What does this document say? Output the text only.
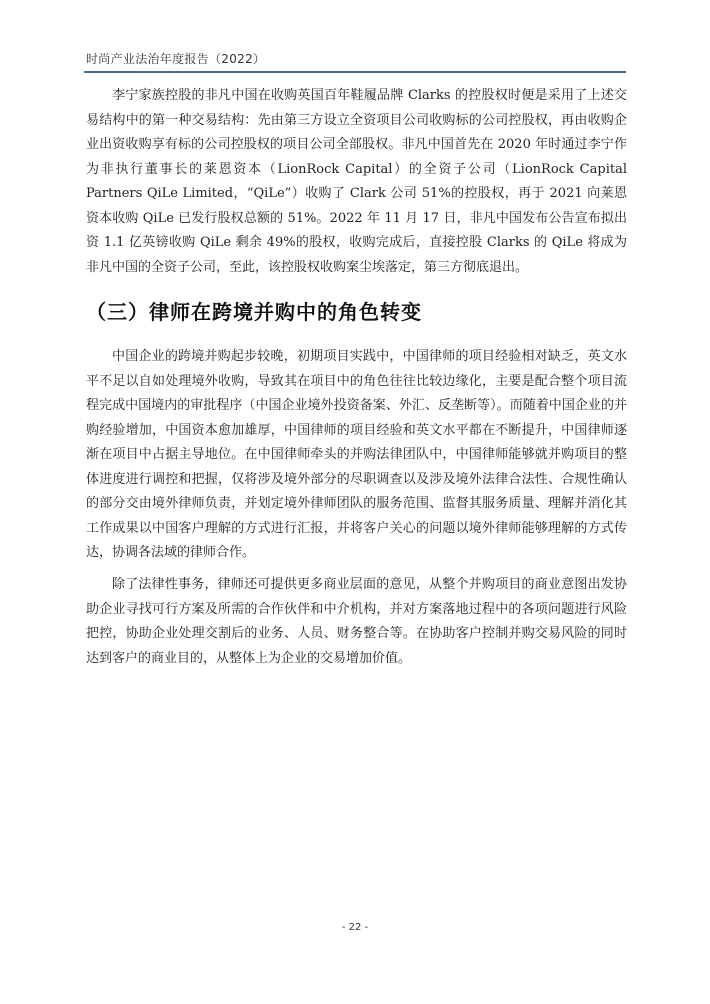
时尚产业法治年度报告（2022）

李宁家族控股的非凡中国在收购英国百年鞋履品牌 Clarks 的控股权时便是采用了上述交易结构中的第一种交易结构：先由第三方设立全资项目公司收购标的公司控股权，再由收购企业出资收购享有标的公司控股权的项目公司全部股权。非凡中国首先在 2020 年时通过李宁作为非执行董事长的莱恩资本（LionRock Capital）的全资子公司（LionRock Capital Partners QiLe Limited，“QiLe”）收购了 Clark 公司 51%的控股权，再于 2021 向莱恩资本收购 QiLe 已发行股权总额的 51%。2022 年 11 月 17 日，非凡中国发布公告宣布拟出资 1.1 亿英镑收购 QiLe 剩余 49%的股权，收购完成后，直接控股 Clarks 的 QiLe 将成为非凡中国的全资子公司，至此，该控股权收购案尘埃落定，第三方彻底退出。

（三）律师在跨境并购中的角色转变

中国企业的跨境并购起步较晚，初期项目实践中，中国律师的项目经验相对缺乏，英文水平不足以自如处理境外收购，导致其在项目中的角色往往比较边缘化，主要是配合整个项目流程完成中国境内的审批程序（中国企业境外投资备案、外汇、反垄断等）。而随着中国企业的并购经验增加，中国资本愈加雄厚，中国律师的项目经验和英文水平都在不断提升，中国律师逐渐在项目中占据主导地位。在中国律师牵头的并购法律团队中，中国律师能够就并购项目的整体进度进行调控和把握，仅将涉及境外部分的尽职调查以及涉及境外法律合法性、合规性确认的部分交由境外律师负责，并划定境外律师团队的服务范围、监督其服务质量、理解并消化其工作成果以中国客户理解的方式进行汇报，并将客户关心的问题以境外律师能够理解的方式传达，协调各法域的律师合作。

除了法律性事务，律师还可提供更多商业层面的意见，从整个并购项目的商业意图出发协助企业寻找可行方案及所需的合作伙伴和中介机构，并对方案落地过程中的各项问题进行风险把控，协助企业处理交割后的业务、人员、财务整合等。在协助客户控制并购交易风险的同时达到客户的商业目的，从整体上为企业的交易增加价值。

- 22 -
